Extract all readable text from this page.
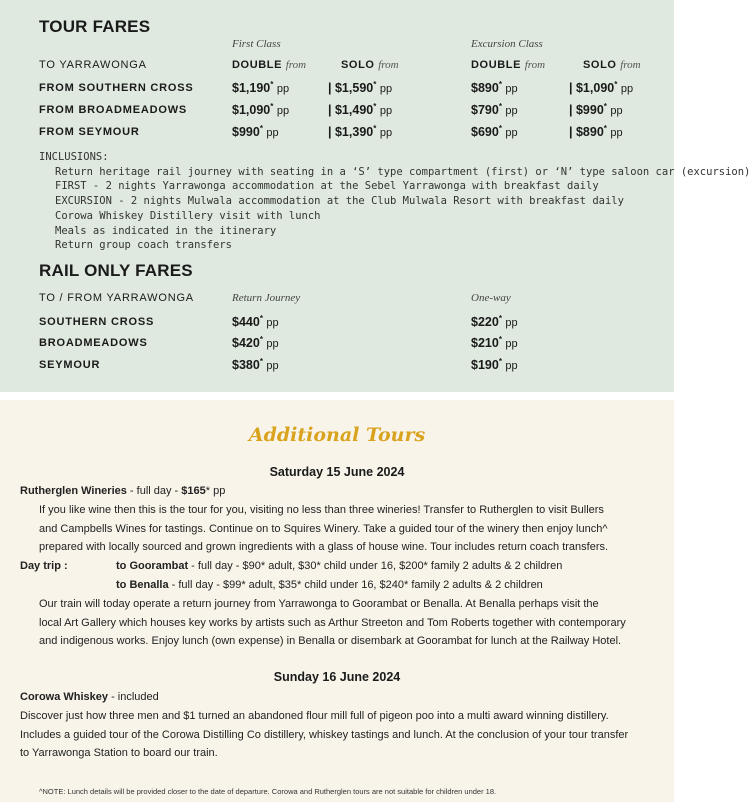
TOUR FARES
First Class	Excursion Class
TO YARRAWONGA	DOUBLE from	SOLO from	DOUBLE from	SOLO from
FROM SOUTHERN CROSS	$1,190* pp	| $1,590* pp	$890* pp	| $1,090* pp
FROM BROADMEADOWS	$1,090* pp	| $1,490* pp	$790* pp	| $990* pp
FROM SEYMOUR	$990* pp	| $1,390* pp	$690* pp	| $890* pp
INCLUSIONS:
Return heritage rail journey with seating in a ‘S’ type compartment (first) or ‘N’ type saloon car (excursion)
FIRST - 2 nights Yarrawonga accommodation at the Sebel Yarrawonga with breakfast daily
EXCURSION - 2 nights Mulwala accommodation at the Club Mulwala Resort with breakfast daily
Corowa Whiskey Distillery visit with lunch
Meals as indicated in the itinerary
Return group coach transfers
RAIL ONLY FARES
TO / FROM YARRAWONGA	Return Journey	One-way
SOUTHERN CROSS	$440* pp	$220* pp
BROADMEADOWS	$420* pp	$210* pp
SEYMOUR	$380* pp	$190* pp
Additional Tours
Saturday 15 June 2024
Rutherglen Wineries - full day - $165* pp
If you like wine then this is the tour for you, visiting no less than three wineries! Transfer to Rutherglen to visit Bullers
and Campbells Wines for tastings. Continue on to Squires Winery. Take a guided tour of the winery then enjoy lunch^
prepared with locally sourced and grown ingredients with a glass of house wine. Tour includes return coach transfers.
Day trip :	to Goorambat - full day - $90* adult, $30* child under 16, $200* family 2 adults & 2 children
to Benalla - full day - $99* adult, $35* child under 16, $240* family 2 adults & 2 children
Our train will today operate a return journey from Yarrawonga to Goorambat or Benalla. At Benalla perhaps visit the
local Art Gallery which houses key works by artists such as Arthur Streeton and Tom Roberts together with contemporary
and indigenous works. Enjoy lunch (own expense) in Benalla or disembark at Goorambat for lunch at the Railway Hotel.
Sunday 16 June 2024
Corowa Whiskey - included
Discover just how three men and $1 turned an abandoned flour mill full of pigeon poo into a multi award winning distillery.
Includes a guided tour of the Corowa Distilling Co distillery, whiskey tastings and lunch. At the conclusion of your tour transfer
to Yarrawonga Station to board our train.
^NOTE: Lunch details will be provided closer to the date of departure. Corowa and Rutherglen tours are not suitable for children under 18.
